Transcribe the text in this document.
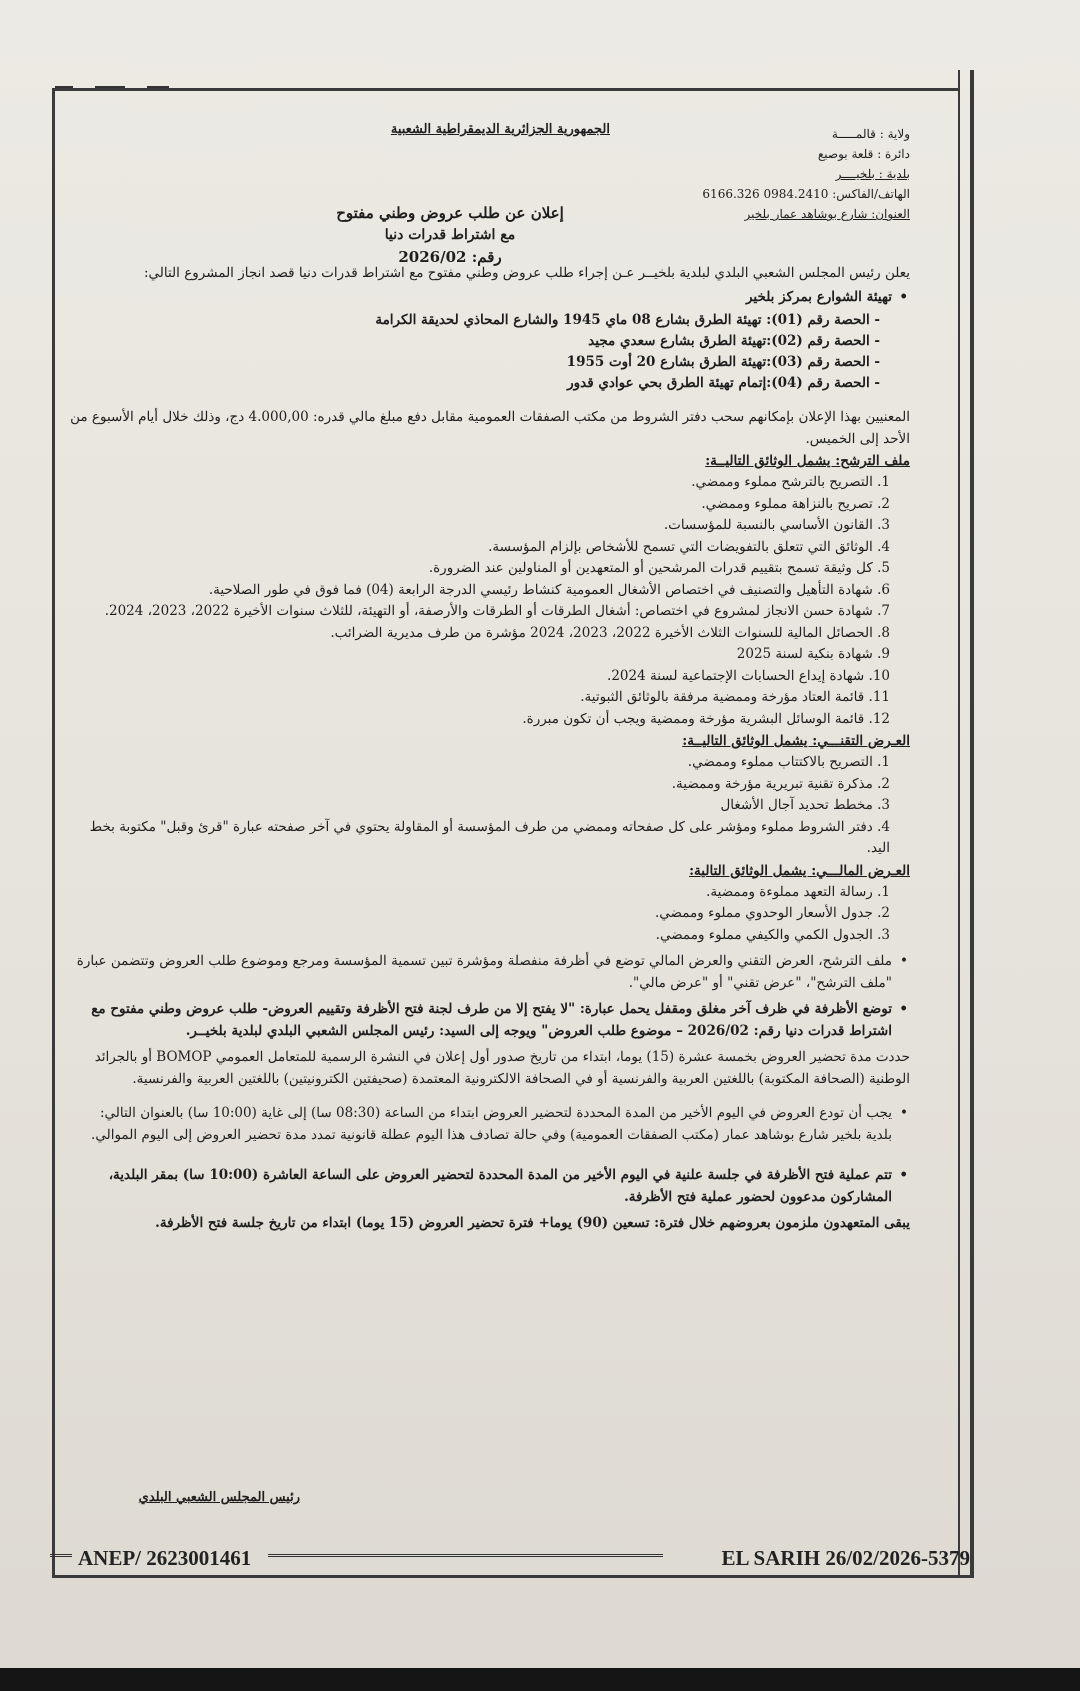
ولاية : قالمـــــة
دائرة : قلعة بوصبع
بلدية : بلخيــــر
الهاتف/الفاكس: 0984.2410 6166.326
العنوان: شارع بوشاهد عمار بلخير
الجمهورية الجزائرية الديمقراطية الشعبية
إعلان عن طلب عروض وطني مفتوح
مع اشتراط قدرات دنيا
رقم: 2026/02

يعلن رئيس المجلس الشعبي البلدي لبلدية بلخيــر عـن إجراء طلب عروض وطني مفتوح مع اشتراط قدرات دنيا قصد انجاز المشروع التالي:

• تهيئة الشوارع بمركز بلخير
- الحصة رقم (01): تهيئة الطرق بشارع 08 ماي 1945 والشارع المحاذي لحديقة الكرامة
- الحصة رقم (02):تهيئة الطرق بشارع سعدي مجيد
- الحصة رقم (03):تهيئة الطرق بشارع 20 أوت 1955
- الحصة رقم (04):إتمام تهيئة الطرق بحي عوادي قدور

المعنيين بهذا الإعلان بإمكانهم سحب دفتر الشروط من مكتب الصفقات العمومية مقابل دفع مبلغ مالي قدره: 4.000,00 دج، وذلك خلال أيام الأسبوع من الأحد إلى الخميس.

ملف الترشح: يشمل الوثائق التاليــة:
1. التصريح بالترشح مملوء وممضي.
2. تصريح بالنزاهة مملوء وممضي.
3. القانون الأساسي بالنسبة للمؤسسات.
4. الوثائق التي تتعلق بالتفويضات التي تسمح للأشخاص بإلزام المؤسسة.
5. كل وثيقة تسمح بتقييم قدرات المرشحين أو المتعهدين أو المناولين عند الضرورة.
6. شهادة التأهيل والتصنيف في اختصاص الأشغال العمومية كنشاط رئيسي الدرجة الرابعة (04) فما فوق في طور الصلاحية.
7. شهادة حسن الانجاز لمشروع في اختصاص: أشغال الطرقات أو الطرقات والأرصفة، أو التهيئة، للثلاث سنوات الأخيرة 2022، 2023، 2024.
8. الحصائل المالية للسنوات الثلاث الأخيرة 2022، 2023، 2024 مؤشرة من طرف مديرية الضرائب.
9. شهادة بنكية لسنة 2025
10. شهادة إيداع الحسابات الإجتماعية لسنة 2024.
11. قائمة العتاد مؤرخة وممضية مرفقة بالوثائق الثبوتية.
12. قائمة الوسائل البشرية مؤرخة وممضية ويجب أن تكون مبررة.
العـرض التقنـــي: يشمل الوثائق التاليــة:
1. التصريح بالاكتتاب مملوء وممضي.
2. مذكرة تقنية تبريرية مؤرخة وممضية.
3. مخطط تحديد آجال الأشغال
4. دفتر الشروط مملوء ومؤشر على كل صفحاته وممضي من طرف المؤسسة أو المقاولة يحتوي في آخر صفحته عبارة "قرئ وقبل" مكتوبة بخط اليد.
العـرض المالـــي: يشمل الوثائق التالية:
1. رسالة التعهد مملوءة وممضية.
2. جدول الأسعار الوحدوي مملوء وممضي.
3. الجدول الكمي والكيفي مملوء وممضي.
• ملف الترشح، العرض التقني والعرض المالي توضع في أظرفة منفصلة ومؤشرة تبين تسمية المؤسسة ومرجع وموضوع طلب العروض وتتضمن عبارة "ملف الترشح"، "عرض تقني" أو "عرض مالي".
• توضع الأظرفة في ظرف آخر مغلق ومقفل يحمل عبارة: "لا يفتح إلا من طرف لجنة فتح الأظرفة وتقييم العروض- طلب عروض وطني مفتوح مع اشتراط قدرات دنيا رقم: 2026/02 – موضوع طلب العروض" ويوجه إلى السيد: رئيس المجلس الشعبي البلدي لبلدية بلخيــر.

حددت مدة تحضير العروض بخمسة عشرة (15) يوما، ابتداء من تاريخ صدور أول إعلان في النشرة الرسمية للمتعامل العمومي BOMOP أو بالجرائد الوطنية (الصحافة المكتوبة) باللغتين العربية والفرنسية أو في الصحافة الالكترونية المعتمدة (صحيفتين الكترونيتين) باللغتين العربية والفرنسية.

• يجب أن تودع العروض في اليوم الأخير من المدة المحددة لتحضير العروض ابتداء من الساعة (08:30 سا) إلى غاية (10:00 سا) بالعنوان التالي: بلدية بلخير شارع بوشاهد عمار (مكتب الصفقات العمومية) وفي حالة تصادف هذا اليوم عطلة قانونية تمدد مدة تحضير العروض إلى اليوم الموالي.
• تتم عملية فتح الأظرفة في جلسة علنية في اليوم الأخير من المدة المحددة لتحضير العروض على الساعة العاشرة (10:00 سا) بمقر البلدية، المشاركون مدعوون لحضور عملية فتح الأظرفة.

يبقى المتعهدون ملزمون بعروضهم خلال فترة: تسعين (90) يوما+ فترة تحضير العروض (15 يوما) ابتداء من تاريخ جلسة فتح الأظرفة.

رئيس المجلس الشعبي البلدي
ANEP/ 2623001461	EL SARIH 26/02/2026-5379
